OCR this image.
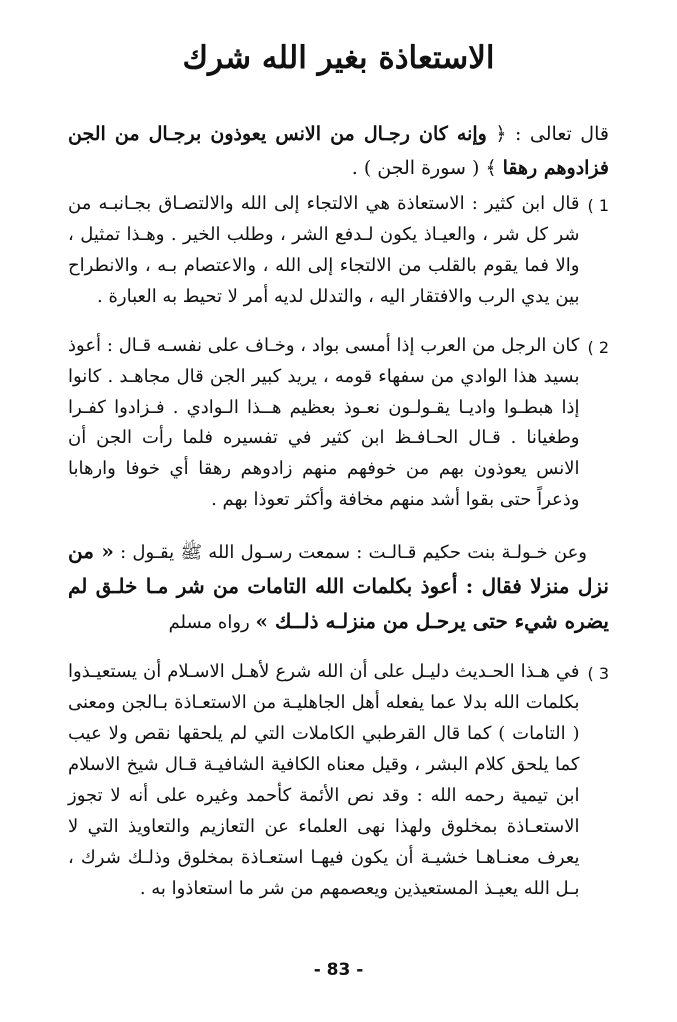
الاستعاذة بغير الله شرك

قال تعالى : ﴿ وإنه كان رجـال من الانس يعوذون برجـال من الجن فزادوهم رهقا ﴾ ( سورة الجن ) .

1 )
قال ابن كثير : الاستعاذة هي الالتجاء إلى الله والالتصـاق بجـانبـه من شر كل شر ، والعيـاذ يكون لـدفع الشر ، وطلب الخير . وهـذا تمثيل ، والا فما يقوم بالقلب من الالتجاء إلى الله ، والاعتصام بـه ، والانطراح بين يدي الرب والافتقار اليه ، والتدلل لديه أمر لا تحيط به العبارة .
2 )
كان الرجل من العرب إذا أمسى بواد ، وخـاف على نفسـه قـال : أعوذ بسيد هذا الوادي من سفهاء قومه ، يريد كبير الجن قال مجاهـد . كانوا إذا هبطـوا واديـا يقـولـون نعـوذ بعظيم هــذا الـوادي . فـزادوا كفـرا وطغيانا . قـال الحـافـظ ابن كثير في تفسيره فلما رأت الجن أن الانس يعوذون بهم من خوفهم منهم زادوهم رهقا أي خوفا وارهابا وذعراً حتى بقوا أشد منهم مخافة وأكثر تعوذا بهم .

وعن خـولـة بنت حكيم قـالـت : سمعت رسـول الله ﷺ يقـول : « من نزل منزلا فقال : أعوذ بكلمات الله التامات من شر مـا خلـق لم يضره شيء حتى يرحـل من منزلـه ذلــك » رواه مسلم

3 )
في هـذا الحـديث دليـل على أن الله شرع لأهـل الاسـلام أن يستعيـذوا بكلمات الله بدلا عما يفعله أهل الجاهليـة من الاستعـاذة بـالجن ومعنى ( التامات ) كما قال القرطبي الكاملات التي لم يلحقها نقص ولا عيب كما يلحق كلام البشر ، وقيل معناه الكافية الشافيـة قـال شيخ الاسلام ابن تيمية رحمه الله : وقد نص الأئمة كأحمد وغيره على أنه لا تجوز الاستعـاذة بمخلوق ولهذا نهى العلماء عن التعازيم والتعاويذ التي لا يعرف معنـاهـا خشيـة أن يكون فيهـا استعـاذة بمخلوق وذلـك شرك ، بـل الله يعيـذ المستعيذين ويعصمهم من شر ما استعاذوا به .
- 83 -
